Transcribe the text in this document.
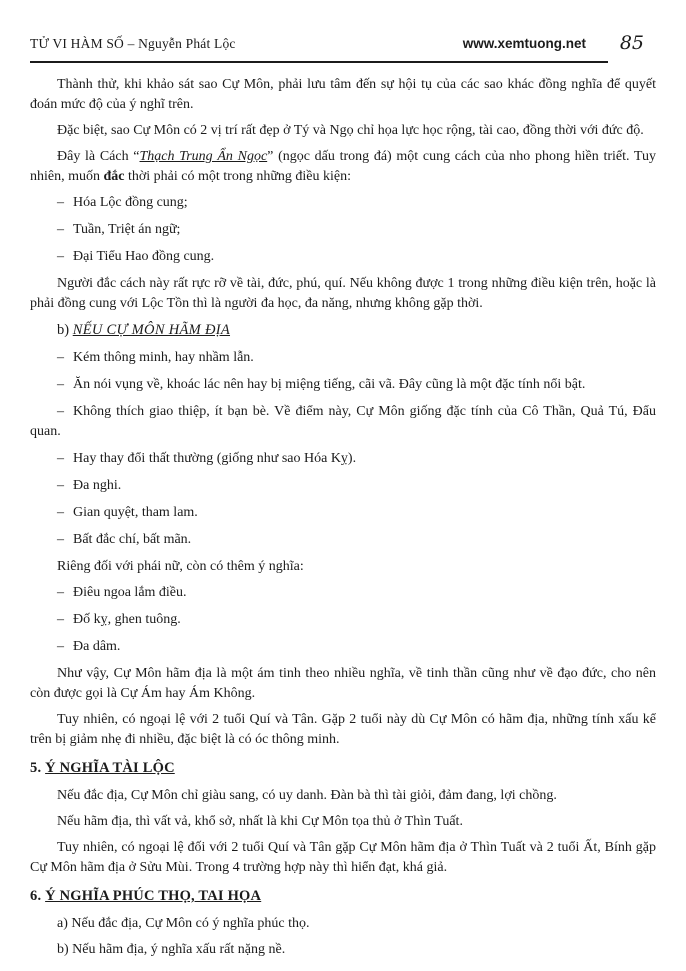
TỬ VI HÀM SỐ – Nguyễn Phát Lộc	www.xemtuong.net 85

Thành thử, khi khảo sát sao Cự Môn, phải lưu tâm đến sự hội tụ của các sao khác đồng nghĩa để quyết đoán mức độ của ý nghĩ trên.

Đặc biệt, sao Cự Môn có 2 vị trí rất đẹp ở Tý và Ngọ chỉ họa lực học rộng, tài cao, đồng thời với đức độ.

Đây là Cách “Thạch Trung Ẩn Ngọc” (ngọc dấu trong đá) một cung cách của nho phong hiền triết. Tuy nhiên, muốn đắc thời phải có một trong những điều kiện:

– Hóa Lộc đồng cung;

– Tuần, Triệt án ngữ;

– Đại Tiểu Hao đồng cung.

Người đắc cách này rất rực rỡ về tài, đức, phú, quí. Nếu không được 1 trong những điều kiện trên, hoặc là phải đồng cung với Lộc Tồn thì là người đa học, đa năng, nhưng không gặp thời.

b) NẾU CỰ MÔN HÃM ĐỊA

– Kém thông minh, hay nhầm lẫn.

– Ăn nói vụng về, khoác lác nên hay bị miệng tiếng, cãi vã. Đây cũng là một đặc tính nổi bật.

– Không thích giao thiệp, ít bạn bè. Về điểm này, Cự Môn giống đặc tính của Cô Thần, Quả Tú, Đẩu quan.

– Hay thay đổi thất thường (giống như sao Hóa Kỵ).

– Đa nghi.

– Gian quyệt, tham lam.

– Bất đắc chí, bất mãn.

Riêng đối với phái nữ, còn có thêm ý nghĩa:

– Điêu ngoa lắm điều.

– Đố kỵ, ghen tuông.

– Đa dâm.

Như vậy, Cự Môn hãm địa là một ám tinh theo nhiều nghĩa, về tinh thần cũng như về đạo đức, cho nên còn được gọi là Cự Ám hay Ám Không.

Tuy nhiên, có ngoại lệ với 2 tuổi Quí và Tân. Gặp 2 tuổi này dù Cự Môn có hãm địa, những tính xấu kể trên bị giảm nhẹ đi nhiều, đặc biệt là có óc thông minh.

5. Ý NGHĨA TÀI LỘC

Nếu đắc địa, Cự Môn chỉ giàu sang, có uy danh. Đàn bà thì tài giỏi, đảm đang, lợi chồng.

Nếu hãm địa, thì vất vả, khổ sở, nhất là khi Cự Môn tọa thủ ở Thìn Tuất.

Tuy nhiên, có ngoại lệ đối với 2 tuổi Quí và Tân gặp Cự Môn hãm địa ở Thìn Tuất và 2 tuổi Ất, Bính gặp Cự Môn hãm địa ở Sửu Mùi. Trong 4 trường hợp này thì hiển đạt, khá giả.

6. Ý NGHĨA PHÚC THỌ, TAI HỌA

a) Nếu đắc địa, Cự Môn có ý nghĩa phúc thọ.

b) Nếu hãm địa, ý nghĩa xấu rất nặng nề.
